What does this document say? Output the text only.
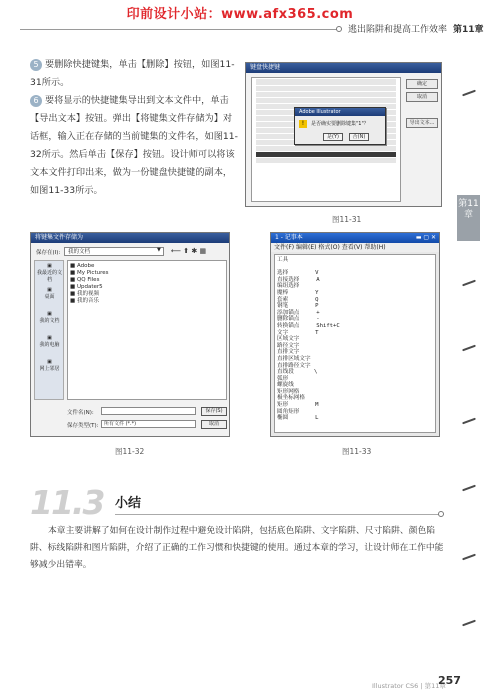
印前设计小站：www.afx365.com
逃出陷阱和提高工作效率 第11章
5 要删除快捷键集，单击【删除】按钮，如图11-31所示。
6 要将显示的快捷键集导出到文本文件中，单击【导出文本】按钮。弹出【将键集文件存储为】对话框，输入正在存储的当前键集的文件名，如图11-32所示。然后单击【保存】按钮。设计师可以将该文本文件打印出来，做为一份键盘快捷键的副本，如图11-33所示。
键盘快捷键
确定
取消
导出文本...
Adobe Illustrator
!	是否确实要删除键集"1"？
是(Y)	否(N)
图11-31
将键集文件存储为
保存在(I):	我的文档	▼ ⟵ ⬆ ✱ ▦
▣
我最近的文档
▣
桌面
▣
我的文档
▣
我的电脑
▣
网上邻居
■ Adobe
■ My Pictures
■ QQ Files
■ Updater5
■ 我的视频
■ 我的音乐
文件名(N):
保存类型(T):	所有文件 (*.*)
保存(S)
取消
图11-32
1 - 记事本	▬ ▢ ✕
文件(F) 编辑(E) 格式(O) 查看(V) 帮助(H)
工具

选择        V
直接选择     A
编组选择
魔棒        Y
套索        Q
钢笔        P
添加锚点     +
删除锚点     -
转换锚点     Shift+C
文字        T
区域文字
路径文字
直排文字
直排区域文字
直排路径文字
直线段      \
弧形
螺旋线
矩形网格
极坐标网格
矩形        M
圆角矩形
椭圆        L
图11-33
第11章
11.3 小结
本章主要讲解了如何在设计制作过程中避免设计陷阱，包括底色陷阱、文字陷阱、尺寸陷阱、颜色陷阱、标线陷阱和图片陷阱，介绍了正确的工作习惯和快捷键的使用。通过本章的学习，让设计师在工作中能够减少出错率。
Illustrator CS6 | 第11章
257
